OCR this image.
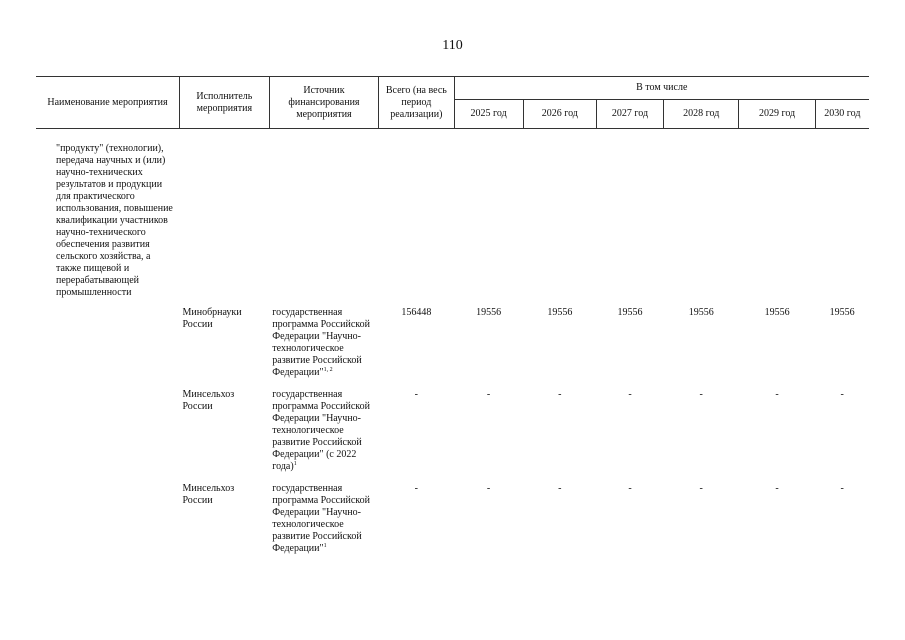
110
Наименование мероприятия	Исполнитель мероприятия	Источник финансирования мероприятия	Всего (на весь период реализации)	В том числе					
				2025 год	2026 год	2027 год	2028 год	2029 год	2030 год
"продукту" (технологии), передача научных и (или) научно-технических результатов и продукции для практического использования, повышение квалификации участников научно-технического обеспечения развития сельского хозяйства, а также пищевой и перерабатывающей промышленности									
	Минобрнауки России	государственная программа Российской Федерации "Научно-технологическое развитие Российской Федерации"$^{1, 2}$	156448	19556	19556	19556	19556	19556	19556
	Минсельхоз России	государственная программа Российской Федерации "Научно-технологическое развитие Российской Федерации" (с 2022 года)$^1$	-	-	-	-	-	-	-
	Минсельхоз России	государственная программа Российской Федерации "Научно-технологическое развитие Российской Федерации"$^1$	-	-	-	-	-	-	-
